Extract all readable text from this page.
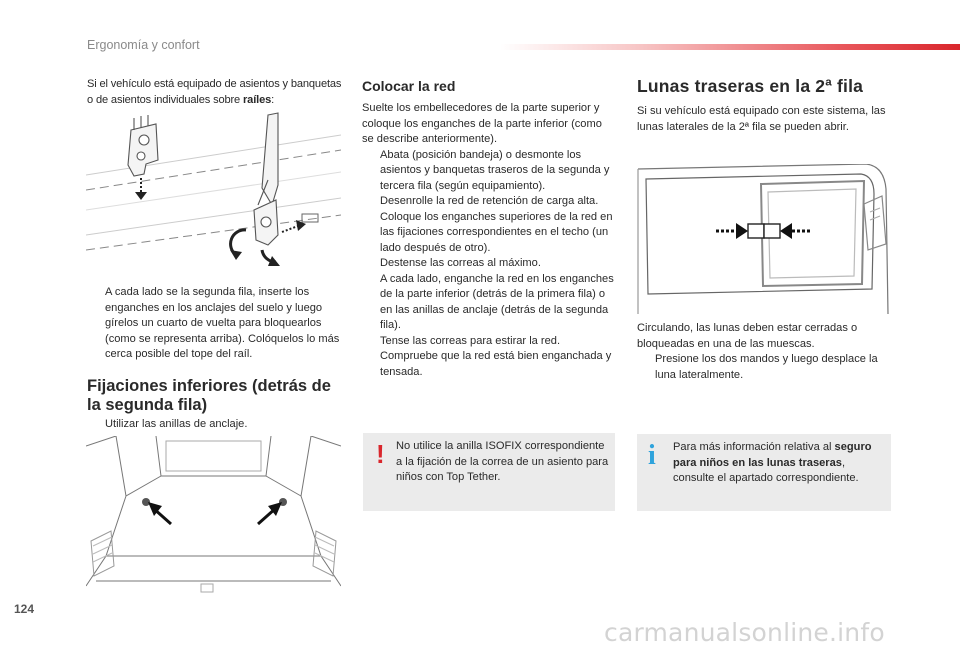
Ergonomía y confort

Si el vehículo está equipado de asientos y banquetas o de asientos individuales sobre raíles:

A cada lado se la segunda fila, inserte los enganches en los anclajes del suelo y luego gírelos un cuarto de vuelta para bloquearlos (como se representa arriba). Colóquelos lo más cerca posible del tope del raíl.

Fijaciones inferiores (detrás de la segunda fila)

Utilizar las anillas de anclaje.

Colocar la red

Suelte los embellecedores de la parte superior y coloque los enganches de la parte inferior (como se describe anteriormente).

Abata (posición bandeja) o desmonte los asientos y banquetas traseros de la segunda y tercera fila (según equipamiento).

Desenrolle la red de retención de carga alta.

Coloque los enganches superiores de la red en las fijaciones correspondientes en el techo (un lado después de otro).

Destense las correas al máximo.

A cada lado, enganche la red en los enganches de la parte inferior (detrás de la primera fila) o en las anillas de anclaje (detrás de la segunda fila).

Tense las correas para estirar la red.

Compruebe que la red está bien enganchada y tensada.

! No utilice la anilla ISOFIX correspondiente a la fijación de la correa de un asiento para niños con Top Tether.

Lunas traseras en la 2ª fila

Si su vehículo está equipado con este sistema, las lunas laterales de la 2ª fila se pueden abrir.

Circulando, las lunas deben estar cerradas o bloqueadas en una de las muescas.

Presione los dos mandos y luego desplace la luna lateralmente.

i Para más información relativa al seguro para niños en las lunas traseras, consulte el apartado correspondiente.

124
carmanualsonline.info
